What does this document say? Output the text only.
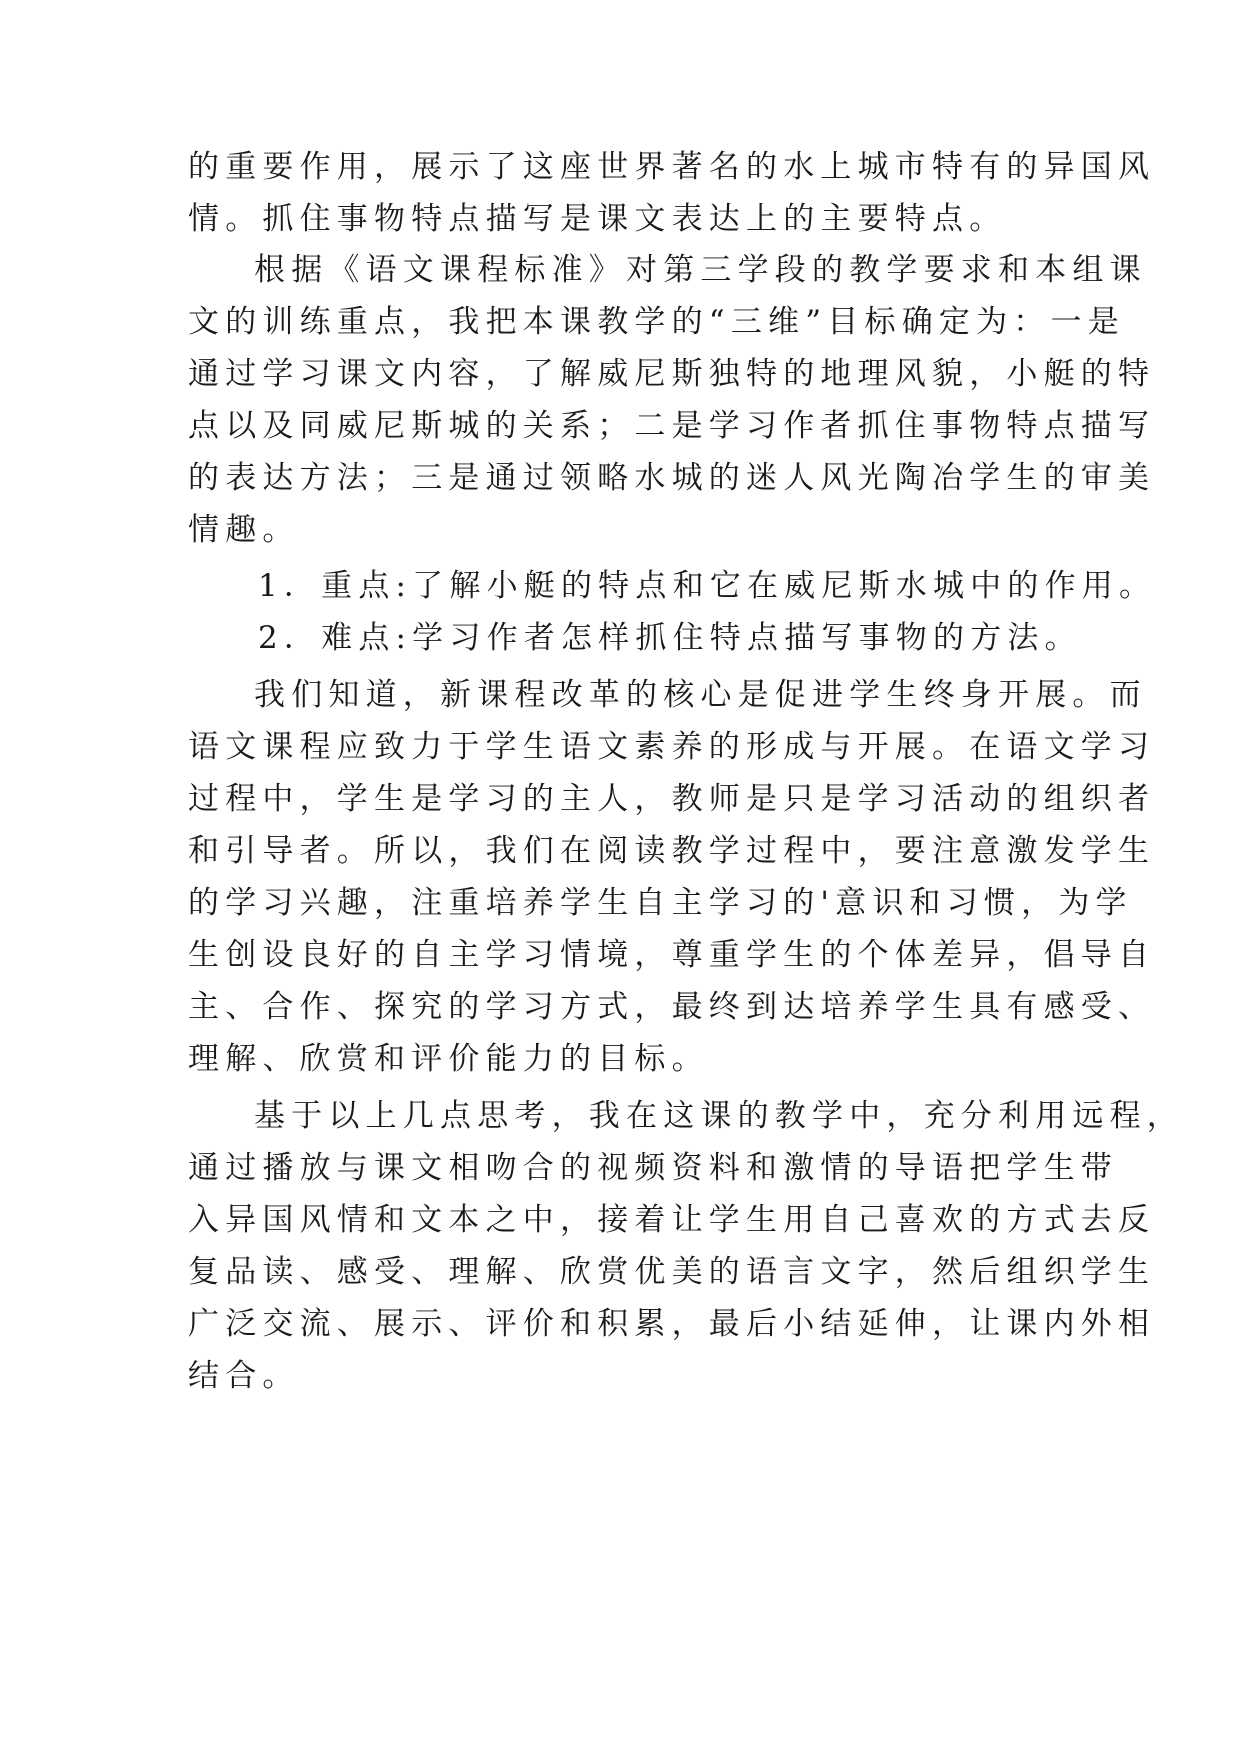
的重要作用，展示了这座世界著名的水上城市特有的异国风
情。抓住事物特点描写是课文表达上的主要特点。
根据《语文课程标准》对第三学段的教学要求和本组课
文的训练重点，我把本课教学的“三维”目标确定为：一是
通过学习课文内容，了解威尼斯独特的地理风貌，小艇的特
点以及同威尼斯城的关系；二是学习作者抓住事物特点描写
的表达方法；三是通过领略水城的迷人风光陶冶学生的审美
情趣。
1．重点:了解小艇的特点和它在威尼斯水城中的作用。
2．难点:学习作者怎样抓住特点描写事物的方法。
我们知道，新课程改革的核心是促进学生终身开展。而
语文课程应致力于学生语文素养的形成与开展。在语文学习
过程中，学生是学习的主人，教师是只是学习活动的组织者
和引导者。所以，我们在阅读教学过程中，要注意激发学生
的学习兴趣，注重培养学生自主学习的'意识和习惯，为学
生创设良好的自主学习情境，尊重学生的个体差异，倡导自
主、合作、探究的学习方式，最终到达培养学生具有感受、
理解、欣赏和评价能力的目标。
基于以上几点思考，我在这课的教学中，充分利用远程，
通过播放与课文相吻合的视频资料和激情的导语把学生带
入异国风情和文本之中，接着让学生用自己喜欢的方式去反
复品读、感受、理解、欣赏优美的语言文字，然后组织学生
广泛交流、展示、评价和积累，最后小结延伸，让课内外相
结合。
